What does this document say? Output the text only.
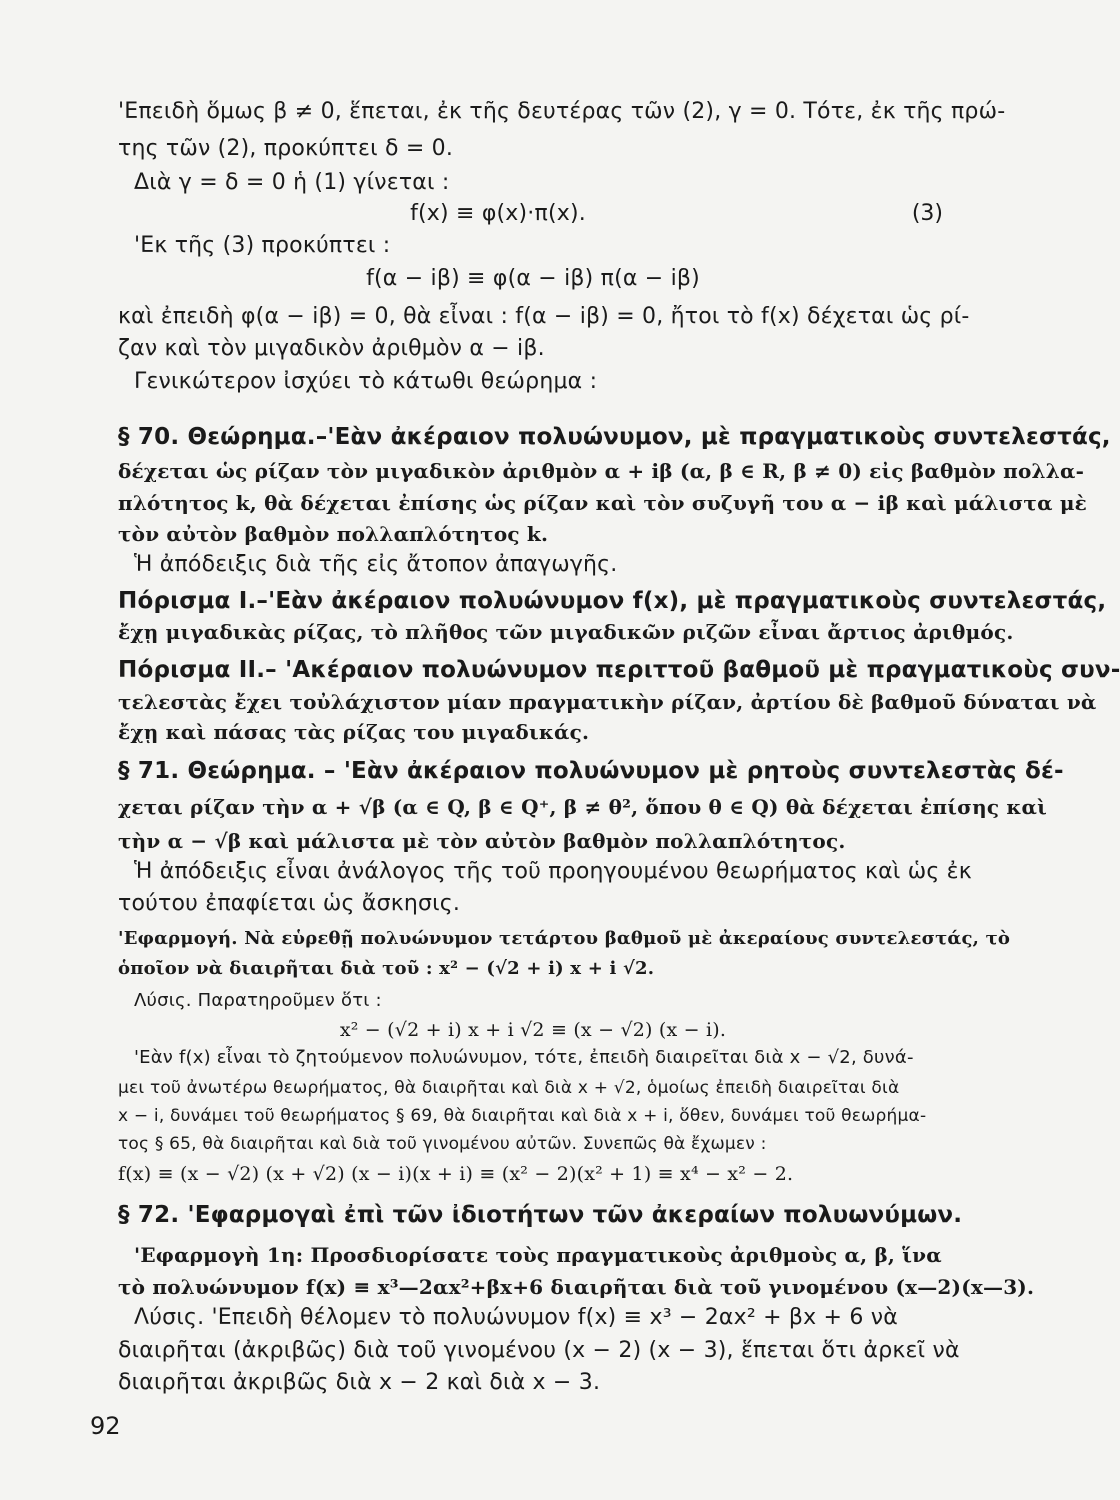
'Επειδὴ ὅμως β ≠ 0, ἕπεται, ἐκ τῆς δευτέρας τῶν (2), γ = 0. Τότε, ἐκ τῆς πρώ-
της τῶν (2), προκύπτει δ = 0.
Διὰ γ = δ = 0 ἡ (1) γίνεται :
f(x) ≡ φ(x)·π(x).	(3)
'Εκ τῆς (3) προκύπτει :
f(α − iβ) ≡ φ(α − iβ) π(α − iβ)
καὶ ἐπειδὴ φ(α − iβ) = 0, θὰ εἶναι : f(α − iβ) = 0, ἤτοι τὸ f(x) δέχεται ὡς ρί-
ζαν καὶ τὸν μιγαδικὸν ἀριθμὸν α − iβ.
Γενικώτερον ἰσχύει τὸ κάτωθι θεώρημα :
§ 70. Θεώρημα.–'Εὰν ἀκέραιον πολυώνυμον, μὲ πραγματικοὺς συντελεστάς,
δέχεται ὡς ρίζαν τὸν μιγαδικὸν ἀριθμὸν α + iβ (α, β ∈ R, β ≠ 0) εἰς βαθμὸν πολλα-
πλότητος k, θὰ δέχεται ἐπίσης ὡς ρίζαν καὶ τὸν συζυγῆ του α − iβ καὶ μάλιστα μὲ
τὸν αὐτὸν βαθμὸν πολλαπλότητος k.
Ἡ ἀπόδειξις διὰ τῆς εἰς ἄτοπον ἀπαγωγῆς.
Πόρισμα I.–'Εὰν ἀκέραιον πολυώνυμον f(x), μὲ πραγματικοὺς συντελεστάς,
ἔχῃ μιγαδικὰς ρίζας, τὸ πλῆθος τῶν μιγαδικῶν ριζῶν εἶναι ἄρτιος ἀριθμός.
Πόρισμα II.– 'Ακέραιον πολυώνυμον περιττοῦ βαθμοῦ μὲ πραγματικοὺς συν-
τελεστὰς ἔχει τοὐλάχιστον μίαν πραγματικὴν ρίζαν, ἀρτίου δὲ βαθμοῦ δύναται νὰ
ἔχῃ καὶ πάσας τὰς ρίζας του μιγαδικάς.
§ 71. Θεώρημα. – 'Εὰν ἀκέραιον πολυώνυμον μὲ ρητοὺς συντελεστὰς δέ-
χεται ρίζαν τὴν α + √β (α ∈ Q, β ∈ Q⁺, β ≠ θ², ὅπου θ ∈ Q) θὰ δέχεται ἐπίσης καὶ
τὴν α − √β καὶ μάλιστα μὲ τὸν αὐτὸν βαθμὸν πολλαπλότητος.
Ἡ ἀπόδειξις εἶναι ἀνάλογος τῆς τοῦ προηγουμένου θεωρήματος καὶ ὡς ἐκ
τούτου ἐπαφίεται ὡς ἄσκησις.
'Εφαρμογή. Νὰ εὑρεθῇ πολυώνυμον τετάρτου βαθμοῦ μὲ ἀκεραίους συντελεστάς, τὸ
ὁποῖον νὰ διαιρῆται διὰ τοῦ : x² − (√2 + i) x + i √2.
Λύσις. Παρατηροῦμεν ὅτι :
x² − (√2 + i) x + i √2 ≡ (x − √2) (x − i).
'Εὰν f(x) εἶναι τὸ ζητούμενον πολυώνυμον, τότε, ἐπειδὴ διαιρεῖται διὰ x − √2, δυνά-
μει τοῦ ἀνωτέρω θεωρήματος, θὰ διαιρῆται καὶ διὰ x + √2, ὁμοίως ἐπειδὴ διαιρεῖται διὰ
x − i, δυνάμει τοῦ θεωρήματος § 69, θὰ διαιρῆται καὶ διὰ x + i, ὅθεν, δυνάμει τοῦ θεωρήμα-
τος § 65, θὰ διαιρῆται καὶ διὰ τοῦ γινομένου αὐτῶν. Συνεπῶς θὰ ἔχωμεν :
f(x) ≡ (x − √2) (x + √2) (x − i)(x + i) ≡ (x² − 2)(x² + 1) ≡ x⁴ − x² − 2.
§ 72. 'Εφαρμογαὶ ἐπὶ τῶν ἰδιοτήτων τῶν ἀκεραίων πολυωνύμων.
'Εφαρμογὴ 1η: Προσδιορίσατε τοὺς πραγματικοὺς ἀριθμοὺς α, β, ἵνα
τὸ πολυώνυμον f(x) ≡ x³—2αx²+βx+6 διαιρῆται διὰ τοῦ γινομένου (x—2)(x—3).
Λύσις. 'Επειδὴ θέλομεν τὸ πολυώνυμον f(x) ≡ x³ − 2αx² + βx + 6 νὰ
διαιρῆται (ἀκριβῶς) διὰ τοῦ γινομένου (x − 2) (x − 3), ἕπεται ὅτι ἀρκεῖ νὰ
διαιρῆται ἀκριβῶς διὰ x − 2 καὶ διὰ x − 3.
92
